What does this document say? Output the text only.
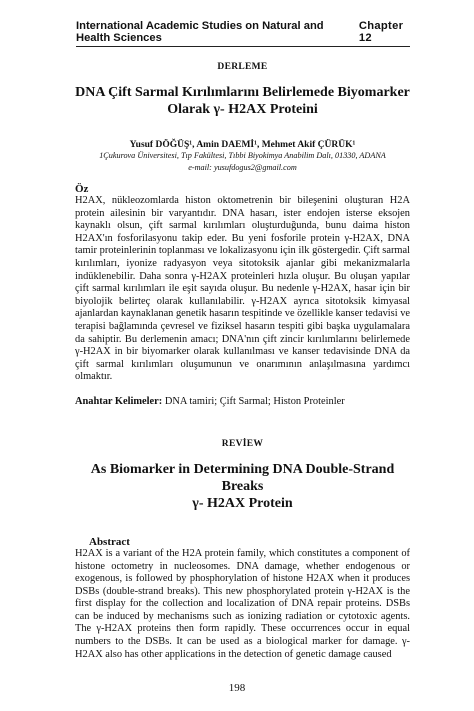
International Academic Studies on Natural and Health Sciences
Chapter 12
DERLEME
DNA Çift Sarmal Kırılımlarını Belirlemede Biyomarker
Olarak γ- H2AX Proteini
Yusuf DÖĞÜŞ¹, Amin DAEMİ¹, Mehmet Akif ÇÜRÜK¹
1Çukurova Üniversitesi, Tıp Fakültesi, Tıbbi Biyokimya Anabilim Dalı, 01330, ADANA
e-mail: yusufdogus2@gmail.com
Öz

H2AX, nükleozomlarda histon oktometrenin bir bileşenini oluşturan H2A protein ailesinin bir varyantıdır. DNA hasarı, ister endojen isterse eksojen kaynaklı olsun, çift sarmal kırılımları oluşturduğunda, bunu daima histon H2AX'ın fosforilasyonu takip eder. Bu yeni fosforile protein γ-H2AX, DNA tamir proteinlerinin toplanması ve lokalizasyonu için ilk göstergedir. Çift sarmal kırılımları, iyonize radyasyon veya sitotoksik ajanlar gibi mekanizmalarla indüklenebilir. Daha sonra γ-H2AX proteinleri hızla oluşur. Bu oluşan yapılar çift sarmal kırılımları ile eşit sayıda oluşur. Bu nedenle γ-H2AX, hasar için bir biyolojik belirteç olarak kullanılabilir. γ-H2AX ayrıca sitotoksik kimyasal ajanlardan kaynaklanan genetik hasarın tespitinde ve özellikle kanser tedavisi ve terapisi bağlamında çevresel ve fiziksel hasarın tespiti gibi başka uygulamalara da sahiptir. Bu derlemenin amacı; DNA'nın çift zincir kırılımlarını belirlemede γ-H2AX in bir biyomarker olarak kullanılması ve kanser tedavisinde DNA da çift sarmal kırılımları oluşumunun ve onarımının anlaşılmasına yardımcı olmaktır.

Anahtar Kelimeler: DNA tamiri; Çift Sarmal; Histon Proteinler
REVİEW
As Biomarker in Determining DNA Double-Strand Breaks
γ- H2AX Protein
Abstract

H2AX is a variant of the H2A protein family, which constitutes a component of histone octometry in nucleosomes. DNA damage, whether endogenous or exogenous, is followed by phosphorylation of histone H2AX when it produces DSBs (double-strand breaks). This new phosphorylated protein γ-H2AX is the first display for the collection and localization of DNA repair proteins. DSBs can be induced by mechanisms such as ionizing radiation or cytotoxic agents. The γ-H2AX proteins then form rapidly. These occurrences occur in equal numbers to the DSBs. It can be used as a biological marker for damage. γ-H2AX also has other applications in the detection of genetic damage caused

198
